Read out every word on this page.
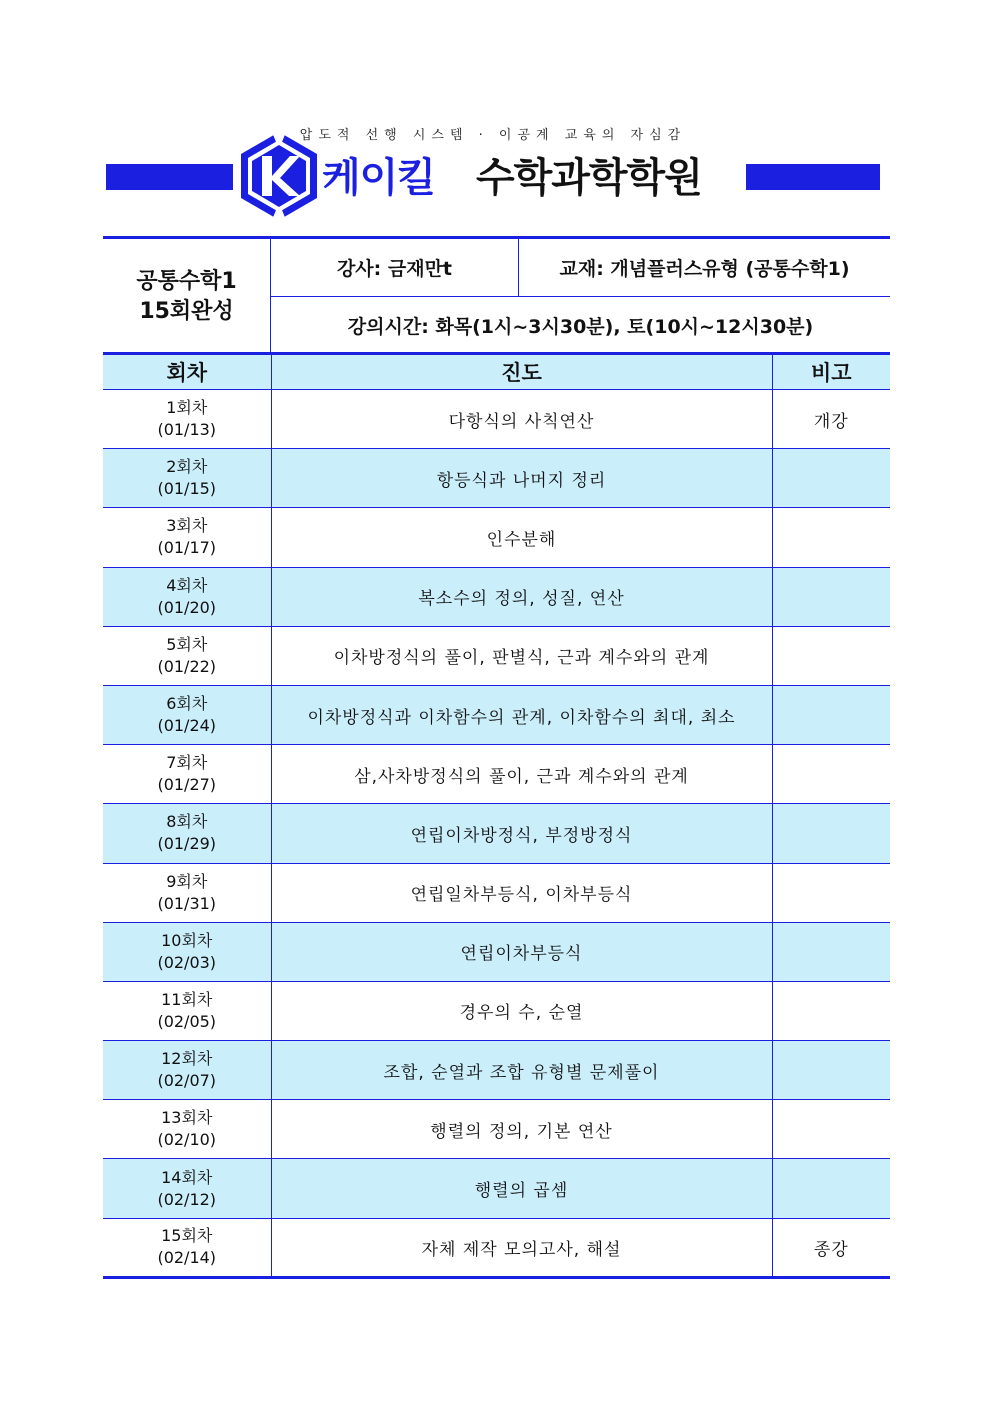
압도적 선행 시스템 · 이공계 교육의 자심감
케이킬 수학과학학원
공통수학1
15회완성
강사: 금재만t	교재: 개념플러스유형 (공통수학1)
강의시간: 화목(1시~3시30분), 토(10시~12시30분)
회차	진도	비고

1회차
(01/13)	다항식의 사칙연산	개강

2회차
(01/15)	항등식과 나머지 정리	

3회차
(01/17)	인수분해	

4회차
(01/20)	복소수의 정의, 성질, 연산	

5회차
(01/22)	이차방정식의 풀이, 판별식, 근과 계수와의 관계	

6회차
(01/24)	이차방정식과 이차함수의 관계, 이차함수의 최대, 최소	

7회차
(01/27)	삼,사차방정식의 풀이, 근과 계수와의 관계	

8회차
(01/29)	연립이차방정식, 부정방정식	

9회차
(01/31)	연립일차부등식, 이차부등식	

10회차
(02/03)	연립이차부등식	

11회차
(02/05)	경우의 수, 순열	

12회차
(02/07)	조합, 순열과 조합 유형별 문제풀이	

13회차
(02/10)	행렬의 정의, 기본 연산	

14회차
(02/12)	행렬의 곱셈	

15회차
(02/14)	자체 제작 모의고사, 해설	종강
